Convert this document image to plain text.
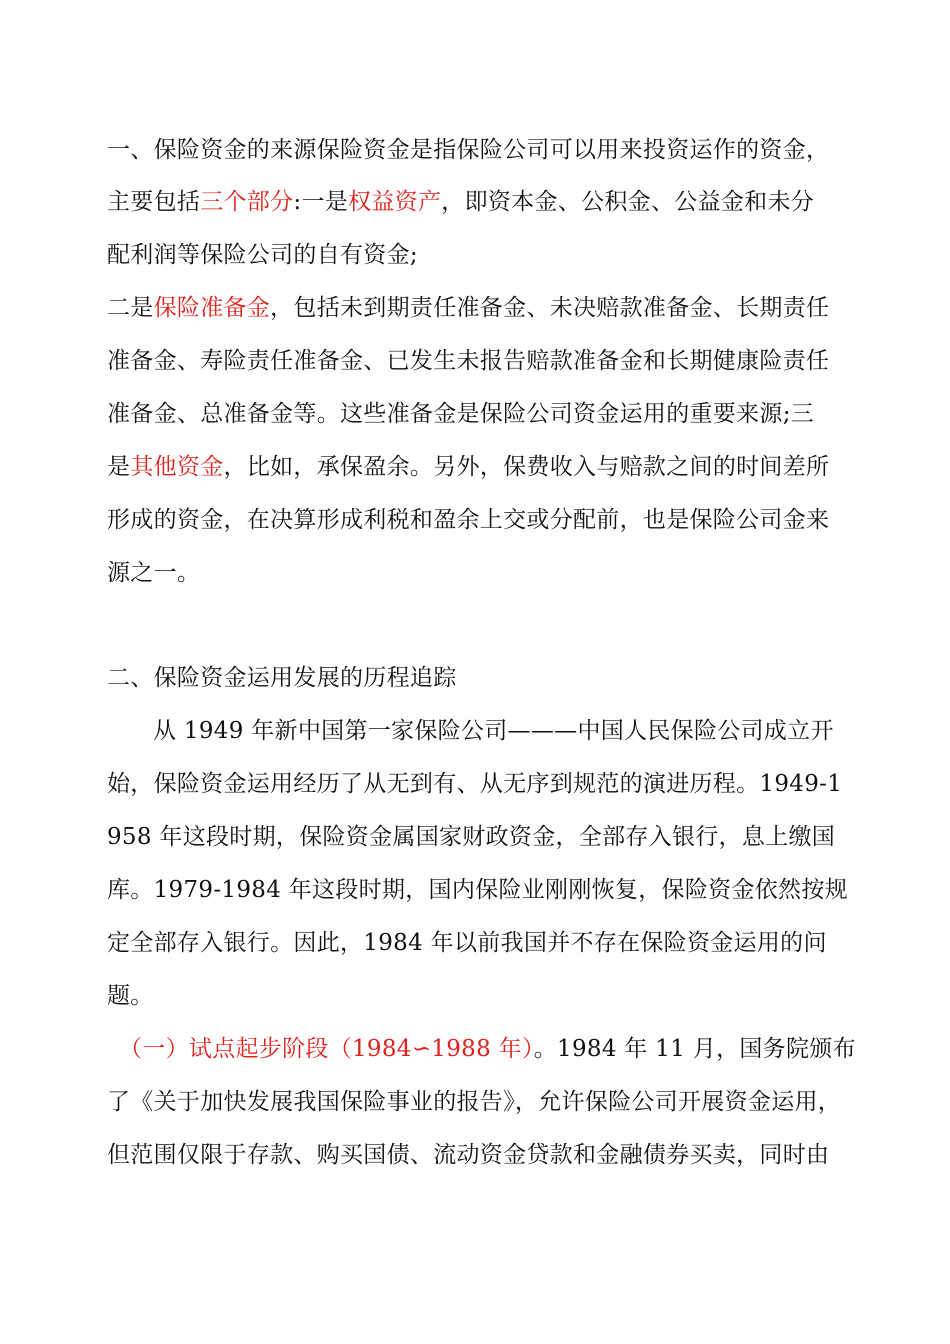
一、保险资金的来源保险资金是指保险公司可以用来投资运作的资金，
主要包括三个部分:一是权益资产，即资本金、公积金、公益金和未分
配利润等保险公司的自有资金;
二是保险准备金，包括未到期责任准备金、未决赔款准备金、长期责任
准备金、寿险责任准备金、已发生未报告赔款准备金和长期健康险责任
准备金、总准备金等。这些准备金是保险公司资金运用的重要来源;三
是其他资金，比如，承保盈余。另外，保费收入与赔款之间的时间差所
形成的资金，在决算形成利税和盈余上交或分配前，也是保险公司金来
源之一。
二、保险资金运用发展的历程追踪
从 1949 年新中国第一家保险公司———中国人民保险公司成立开
始，保险资金运用经历了从无到有、从无序到规范的演进历程。1949-1
958 年这段时期，保险资金属国家财政资金，全部存入银行，息上缴国
库。1979-1984 年这段时期，国内保险业刚刚恢复，保险资金依然按规
定全部存入银行。因此，1984 年以前我国并不存在保险资金运用的问
题。
（一）试点起步阶段（1984∽1988 年）。1984 年 11 月，国务院颁布
了《关于加快发展我国保险事业的报告》，允许保险公司开展资金运用，
但范围仅限于存款、购买国债、流动资金贷款和金融债券买卖，同时由
